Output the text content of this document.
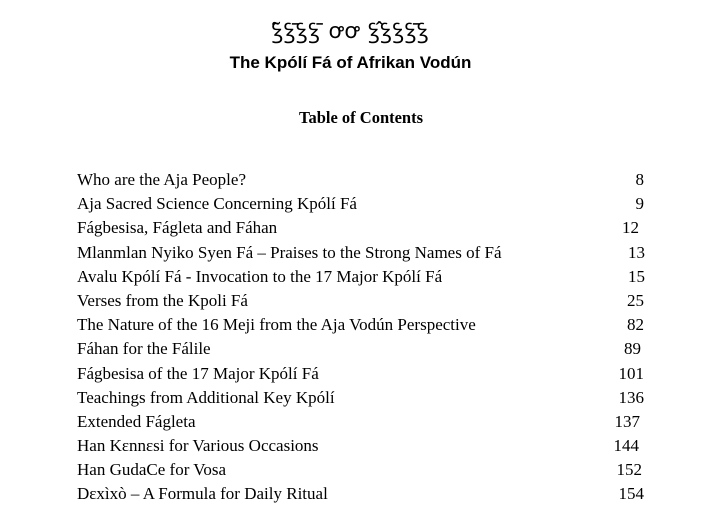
ꝣ̃ꝣ̄ꝣꝣ̄ ꝍꝍ ꝣ̂ꝣꝣꝣ̄ꝣ
The Kpólí Fá of Afrikan Vodún
Table of Contents
Who are the Aja People?	8
Aja Sacred Science Concerning Kpólí Fá	9
Fágbesisa, Fágleta and Fáhan	12
Mlanmlan Nyiko Syen Fá – Praises to the Strong Names of Fá	13
Avalu Kpólí Fá - Invocation to the 17 Major Kpólí Fá	15
Verses from the Kpoli Fá	25
The Nature of the 16 Meji from the Aja Vodún Perspective	82
Fáhan for the Fálile	89
Fágbesisa of the 17 Major Kpólí Fá	101
Teachings from Additional Key Kpólí	136
Extended Fágleta	137
Han Kɛnnɛsi for Various Occasions	144
Han GudaCe for Vosa	152
Dɛxìxò – A Formula for Daily Ritual	154
